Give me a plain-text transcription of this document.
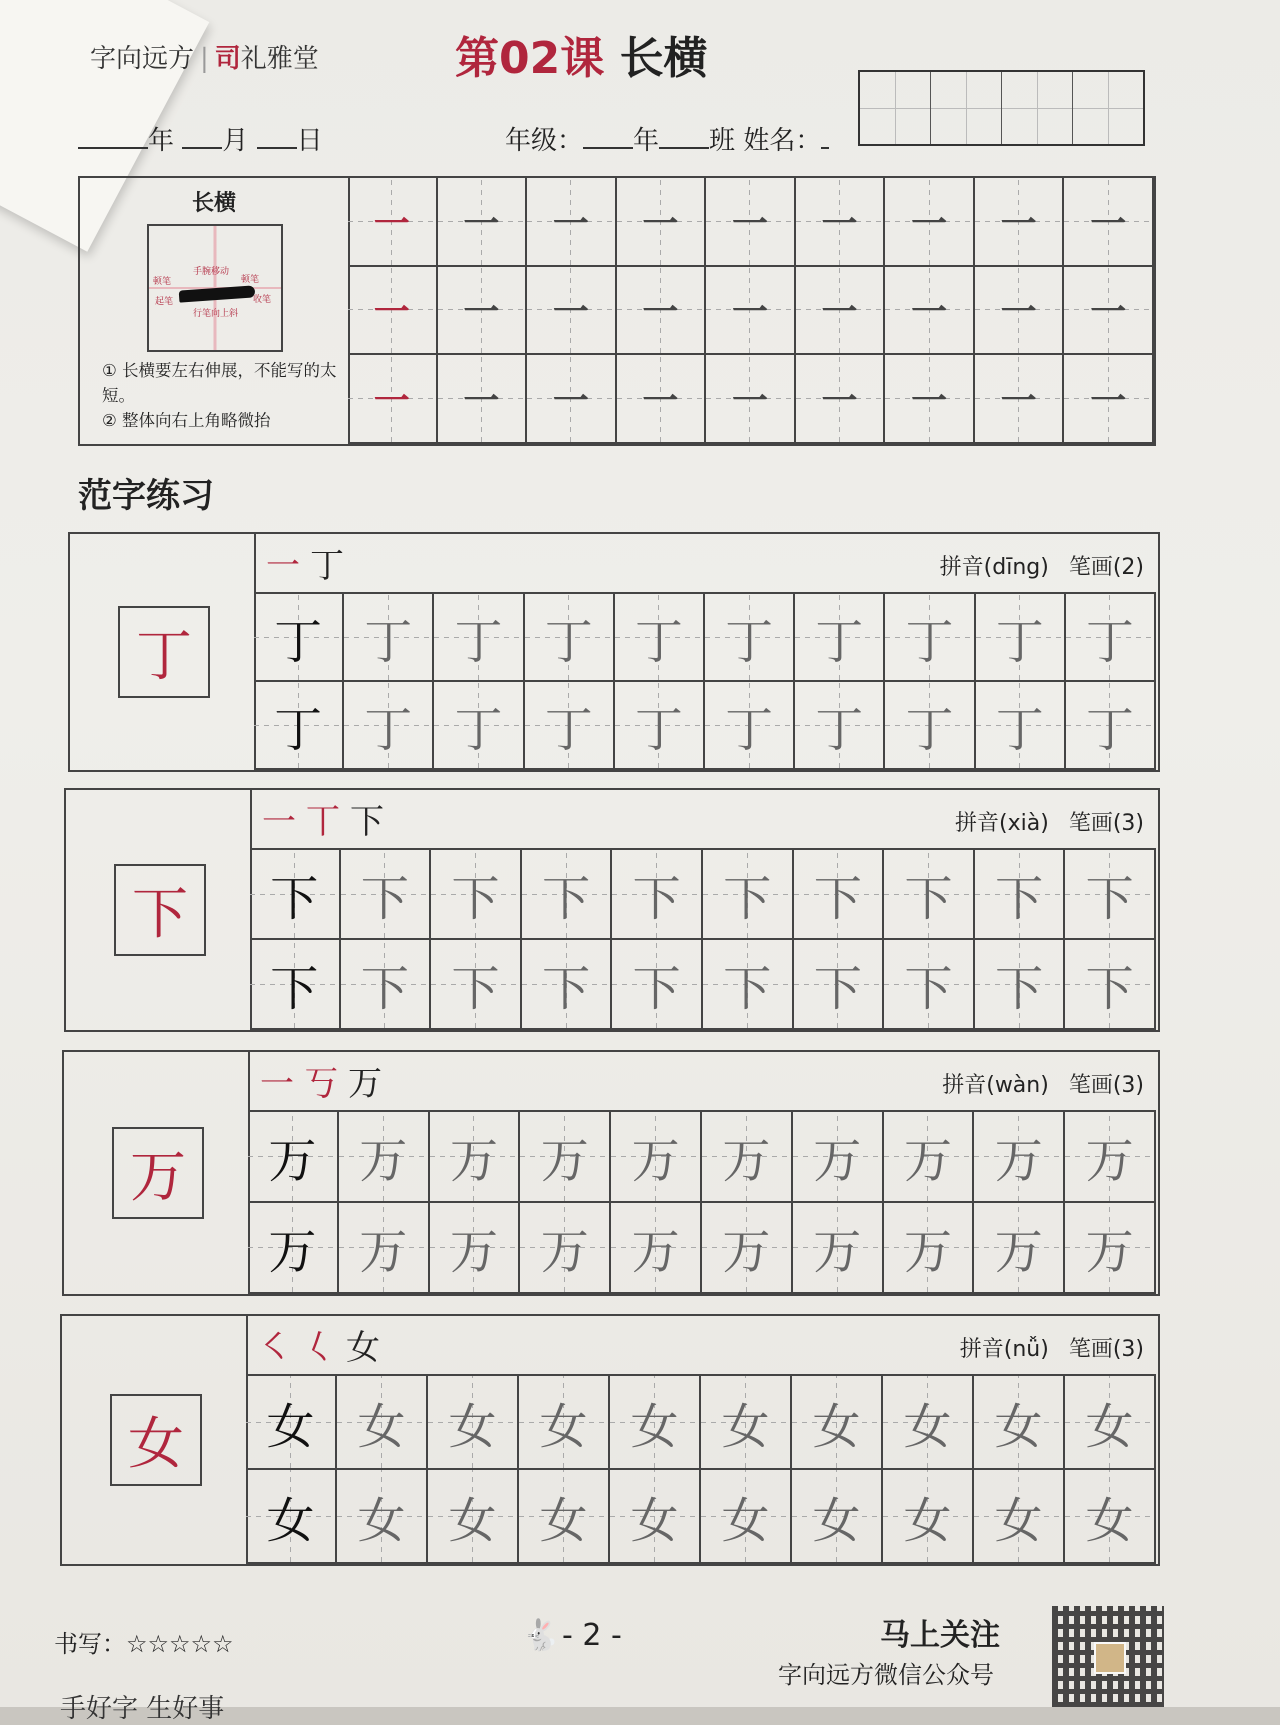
字向远方 | 司礼雅堂	第02课 长横
年 月 日	年级： 年 班 姓名：
长横
手腕移动
顿笔	顿笔
起笔	收笔
行笔向上斜
① 长横要左右伸展，不能写的太短。
② 整体向右上角略微抬
一 一 一 一 一 一 一 一 一
一 一 一 一 一 一 一 一 一
一 一 一 一 一 一 一 一 一
范字练习
丁
一 丁	拼音(dīng) 笔画(2)
丁 丁 丁 丁 丁 丁 丁 丁 丁 丁
丁 丁 丁 丁 丁 丁 丁 丁 丁 丁
下
一 丅 下	拼音(xià) 笔画(3)
下 下 下 下 下 下 下 下 下 下
下 下 下 下 下 下 下 下 下 下
万
一 丂 万	拼音(wàn) 笔画(3)
万 万 万 万 万 万 万 万 万 万
万 万 万 万 万 万 万 万 万 万
女
㇛ 𡿨 女	拼音(nǚ) 笔画(3)
女 女 女 女 女 女 女 女 女 女
女 女 女 女 女 女 女 女 女 女
书写：☆☆☆☆☆	🐇 - 2 -	马上关注
字向远方微信公众号
手好字 生好事
